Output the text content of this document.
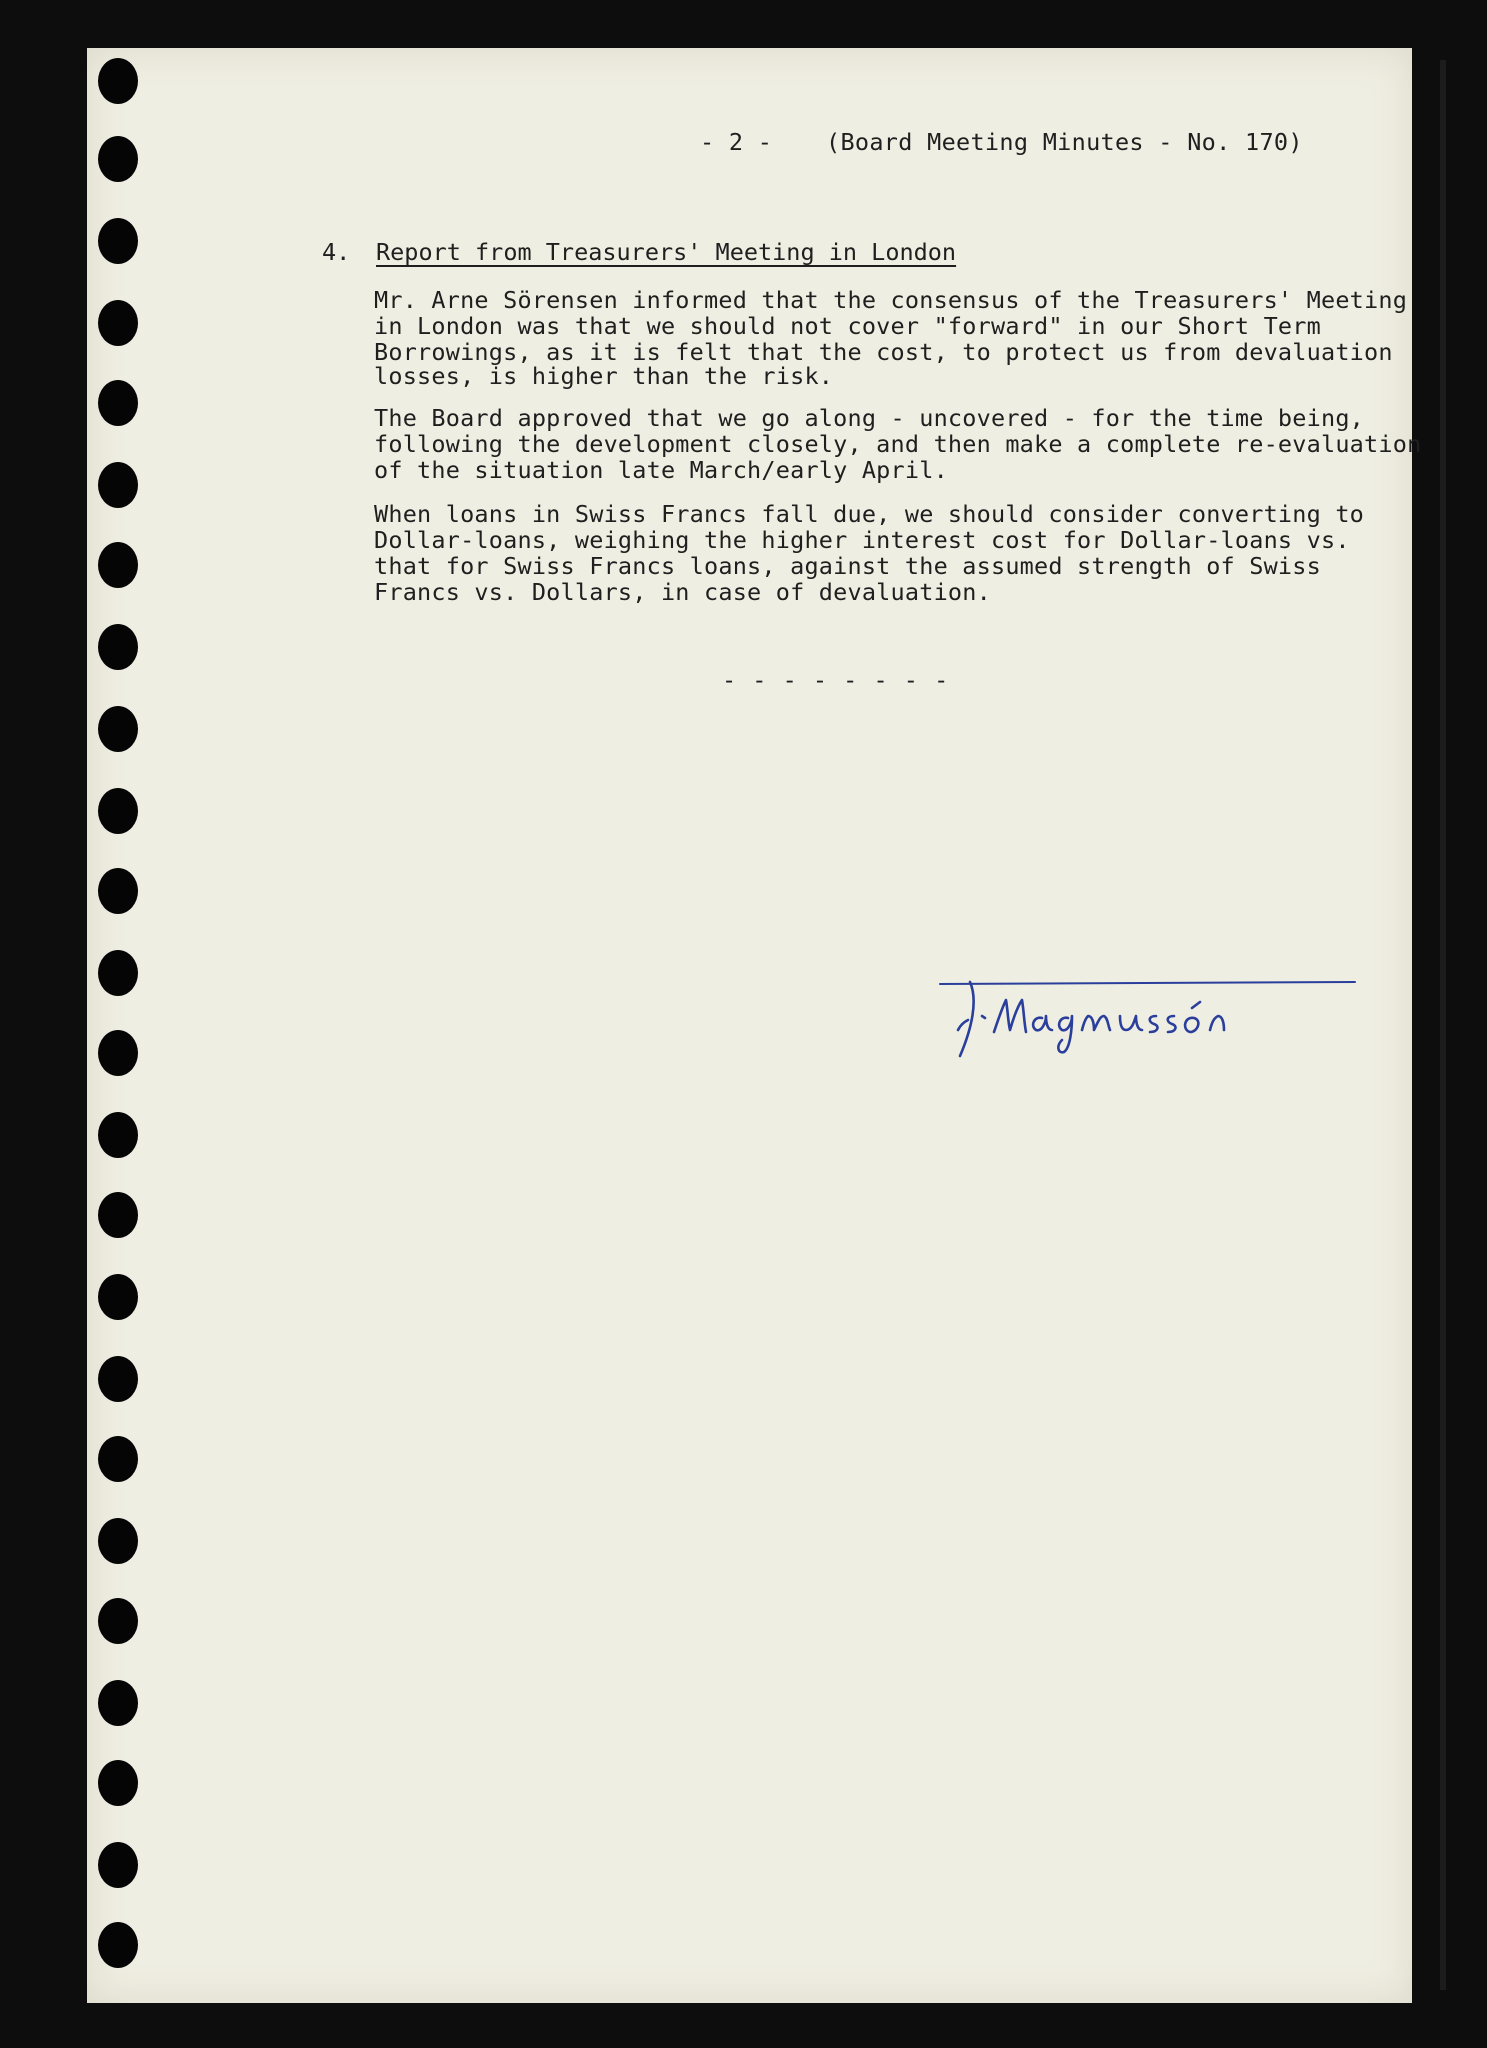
- 2 - (Board Meeting Minutes - No. 170)
4. Report from Treasurers' Meeting in London
Mr. Arne Sörensen informed that the consensus of the Treasurers' Meeting
in London was that we should not cover "forward" in our Short Term
Borrowings, as it is felt that the cost, to protect us from devaluation
losses, is higher than the risk.
The Board approved that we go along - uncovered - for the time being,
following the development closely, and then make a complete re-evaluation
of the situation late March/early April.
When loans in Swiss Francs fall due, we should consider converting to
Dollar-loans, weighing the higher interest cost for Dollar-loans vs.
that for Swiss Francs loans, against the assumed strength of Swiss
Francs vs. Dollars, in case of devaluation.
- - - - - - - -
